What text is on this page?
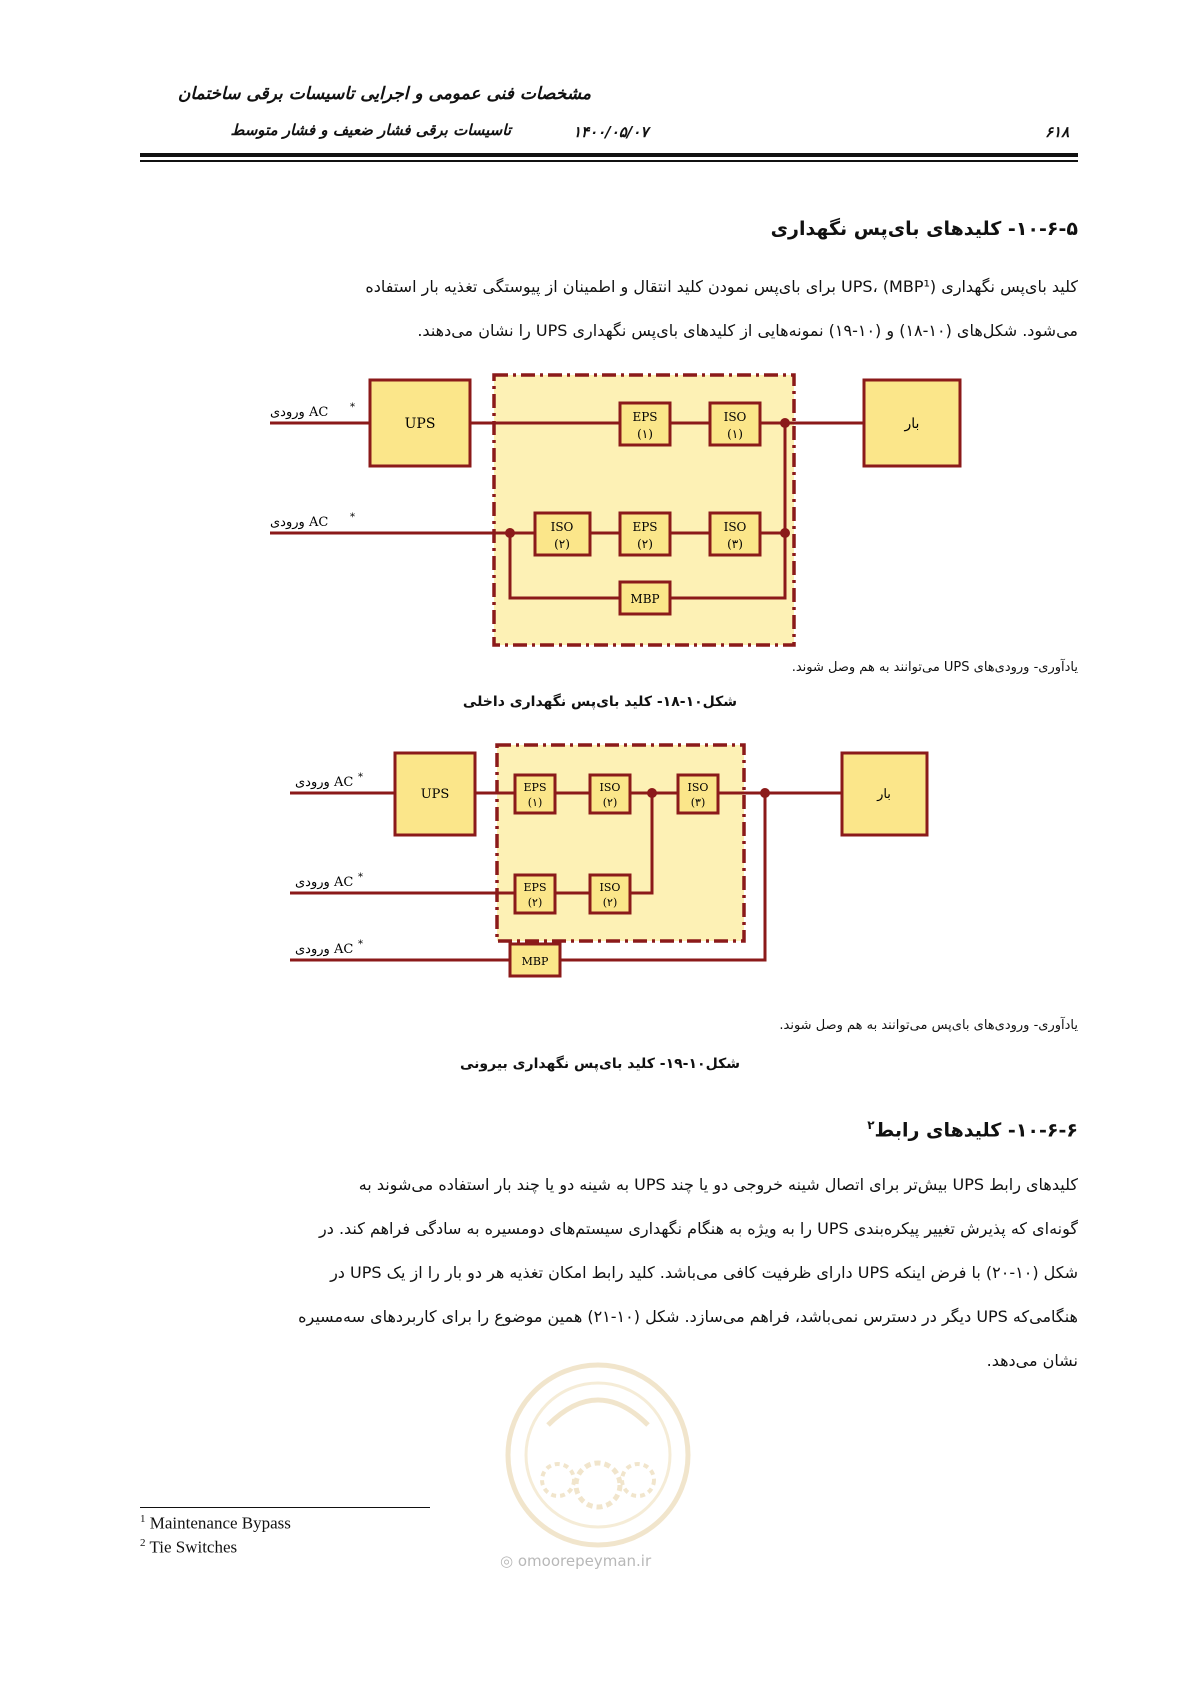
مشخصات فنی عمومی و اجرایی تاسیسات برقی ساختمان
تاسیسات برقی فشار ضعیف و فشار متوسط	۱۴۰۰/۰۵/۰۷	۶۱۸
۱۰-۶-۵- کلیدهای بای‌پس نگهداری
کلید بای‌پس نگهداری UPS، (MBP¹) برای بای‌پس نمودن کلید انتقال و اطمینان از پیوستگی تغذیه بار استفاده
می‌شود. شکل‌های (۱۰-۱۸) و (۱۰-۱۹) نمونه‌هایی از کلیدهای بای‌پس نگهداری UPS را نشان می‌دهند.
ورودی AC *
ورودی AC *
UPS	EPS
(۱)
ISO
(۱)
ISO
(۲)
EPS
(۲)
ISO
(۳)
MBP
بار
یادآوری- ورودی‌های UPS می‌توانند به هم وصل شوند.
شکل۱۰-۱۸- کلید بای‌پس نگهداری داخلی
ورودی AC *
ورودی AC *
ورودی AC *
UPS	EPS
(۱)
ISO
(۲)
ISO
(۳)
EPS
(۲)
ISO
(۲)
MBP
بار
یادآوری- ورودی‌های بای‌پس می‌توانند به هم وصل شوند.
شکل۱۰-۱۹- کلید بای‌پس نگهداری بیرونی
۱۰-۶-۶- کلیدهای رابط$^۲$
کلیدهای رابط UPS بیش‌تر برای اتصال شینه خروجی دو یا چند UPS به شینه دو یا چند بار استفاده می‌شوند به
گونه‌ای که پذیرش تغییر پیکره‌بندی UPS را به ویژه به هنگام نگهداری سیستم‌های دومسیره به سادگی فراهم کند. در
شکل (۱۰-۲۰) با فرض اینکه UPS دارای ظرفیت کافی می‌باشد. کلید رابط امکان تغذیه هر دو بار را از یک UPS در
هنگامی‌که UPS دیگر در دسترس نمی‌باشد، فراهم می‌سازد. شکل (۱۰-۲۱) همین موضوع را برای کاربردهای سه‌مسیره
نشان می‌دهد.
◎ omoorepeyman.ir
$^1$ Maintenance Bypass
$^2$ Tie Switches
